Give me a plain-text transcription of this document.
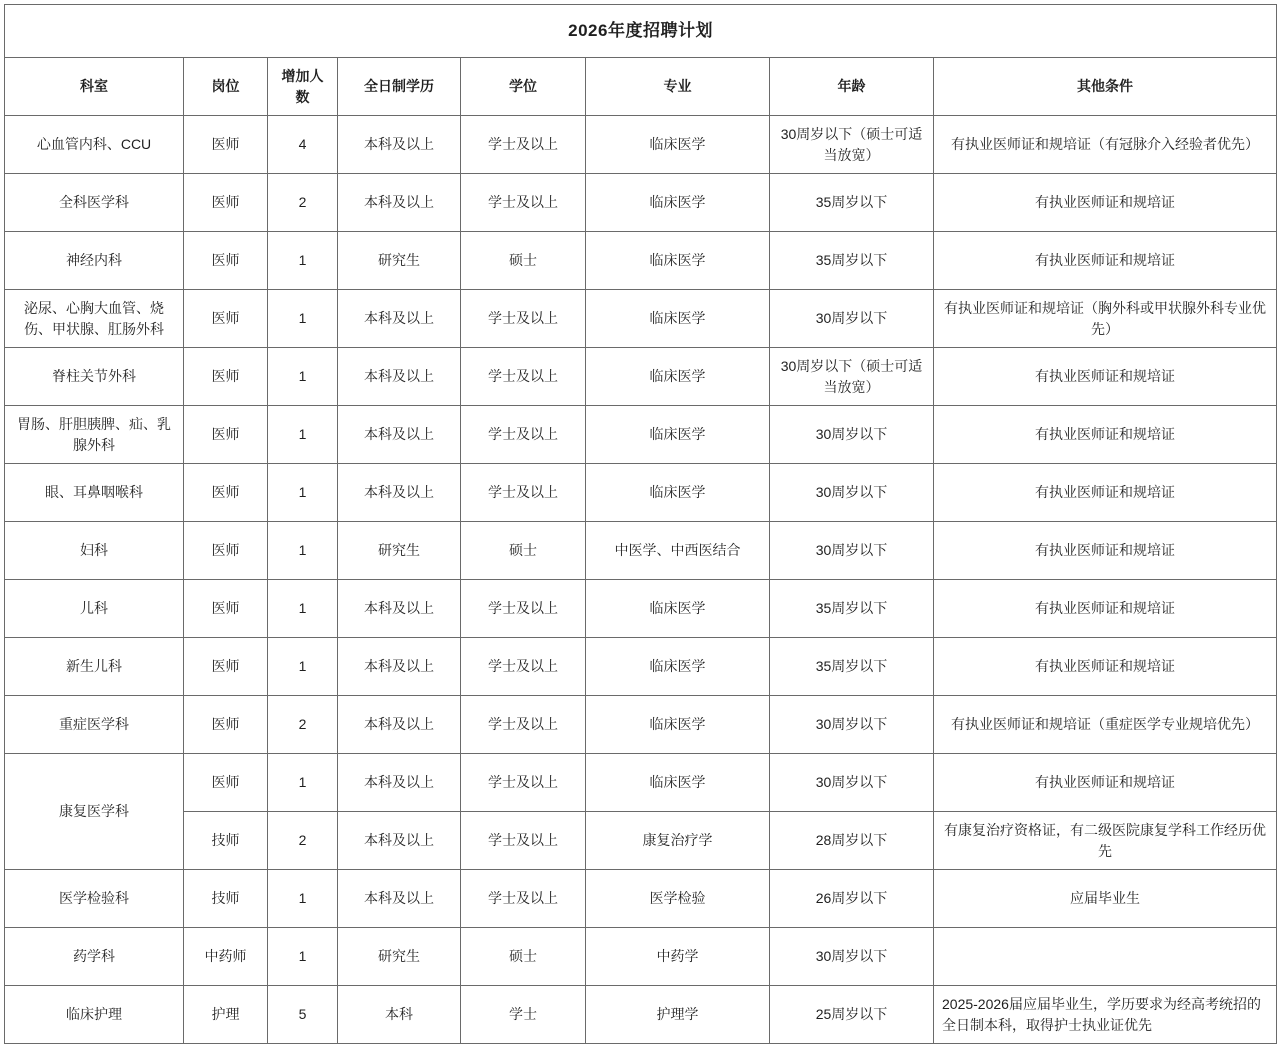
2026年度招聘计划							
科室	岗位	增加人数	全日制学历	学位	专业	年龄	其他条件
心血管内科、CCU	医师	4	本科及以上	学士及以上	临床医学	30周岁以下（硕士可适当放宽）	有执业医师证和规培证（有冠脉介入经验者优先）
全科医学科	医师	2	本科及以上	学士及以上	临床医学	35周岁以下	有执业医师证和规培证
神经内科	医师	1	研究生	硕士	临床医学	35周岁以下	有执业医师证和规培证
泌尿、心胸大血管、烧伤、甲状腺、肛肠外科	医师	1	本科及以上	学士及以上	临床医学	30周岁以下	有执业医师证和规培证（胸外科或甲状腺外科专业优先）
脊柱关节外科	医师	1	本科及以上	学士及以上	临床医学	30周岁以下（硕士可适当放宽）	有执业医师证和规培证
胃肠、肝胆胰脾、疝、乳腺外科	医师	1	本科及以上	学士及以上	临床医学	30周岁以下	有执业医师证和规培证
眼、耳鼻咽喉科	医师	1	本科及以上	学士及以上	临床医学	30周岁以下	有执业医师证和规培证
妇科	医师	1	研究生	硕士	中医学、中西医结合	30周岁以下	有执业医师证和规培证
儿科	医师	1	本科及以上	学士及以上	临床医学	35周岁以下	有执业医师证和规培证
新生儿科	医师	1	本科及以上	学士及以上	临床医学	35周岁以下	有执业医师证和规培证
重症医学科	医师	2	本科及以上	学士及以上	临床医学	30周岁以下	有执业医师证和规培证（重症医学专业规培优先）
康复医学科	医师	1	本科及以上	学士及以上	临床医学	30周岁以下	有执业医师证和规培证
	技师	2	本科及以上	学士及以上	康复治疗学	28周岁以下	有康复治疗资格证，有二级医院康复学科工作经历优先
医学检验科	技师	1	本科及以上	学士及以上	医学检验	26周岁以下	应届毕业生
药学科	中药师	1	研究生	硕士	中药学	30周岁以下	
临床护理	护理	5	本科	学士	护理学	25周岁以下	2025-2026届应届毕业生，学历要求为经高考统招的全日制本科，取得护士执业证优先
